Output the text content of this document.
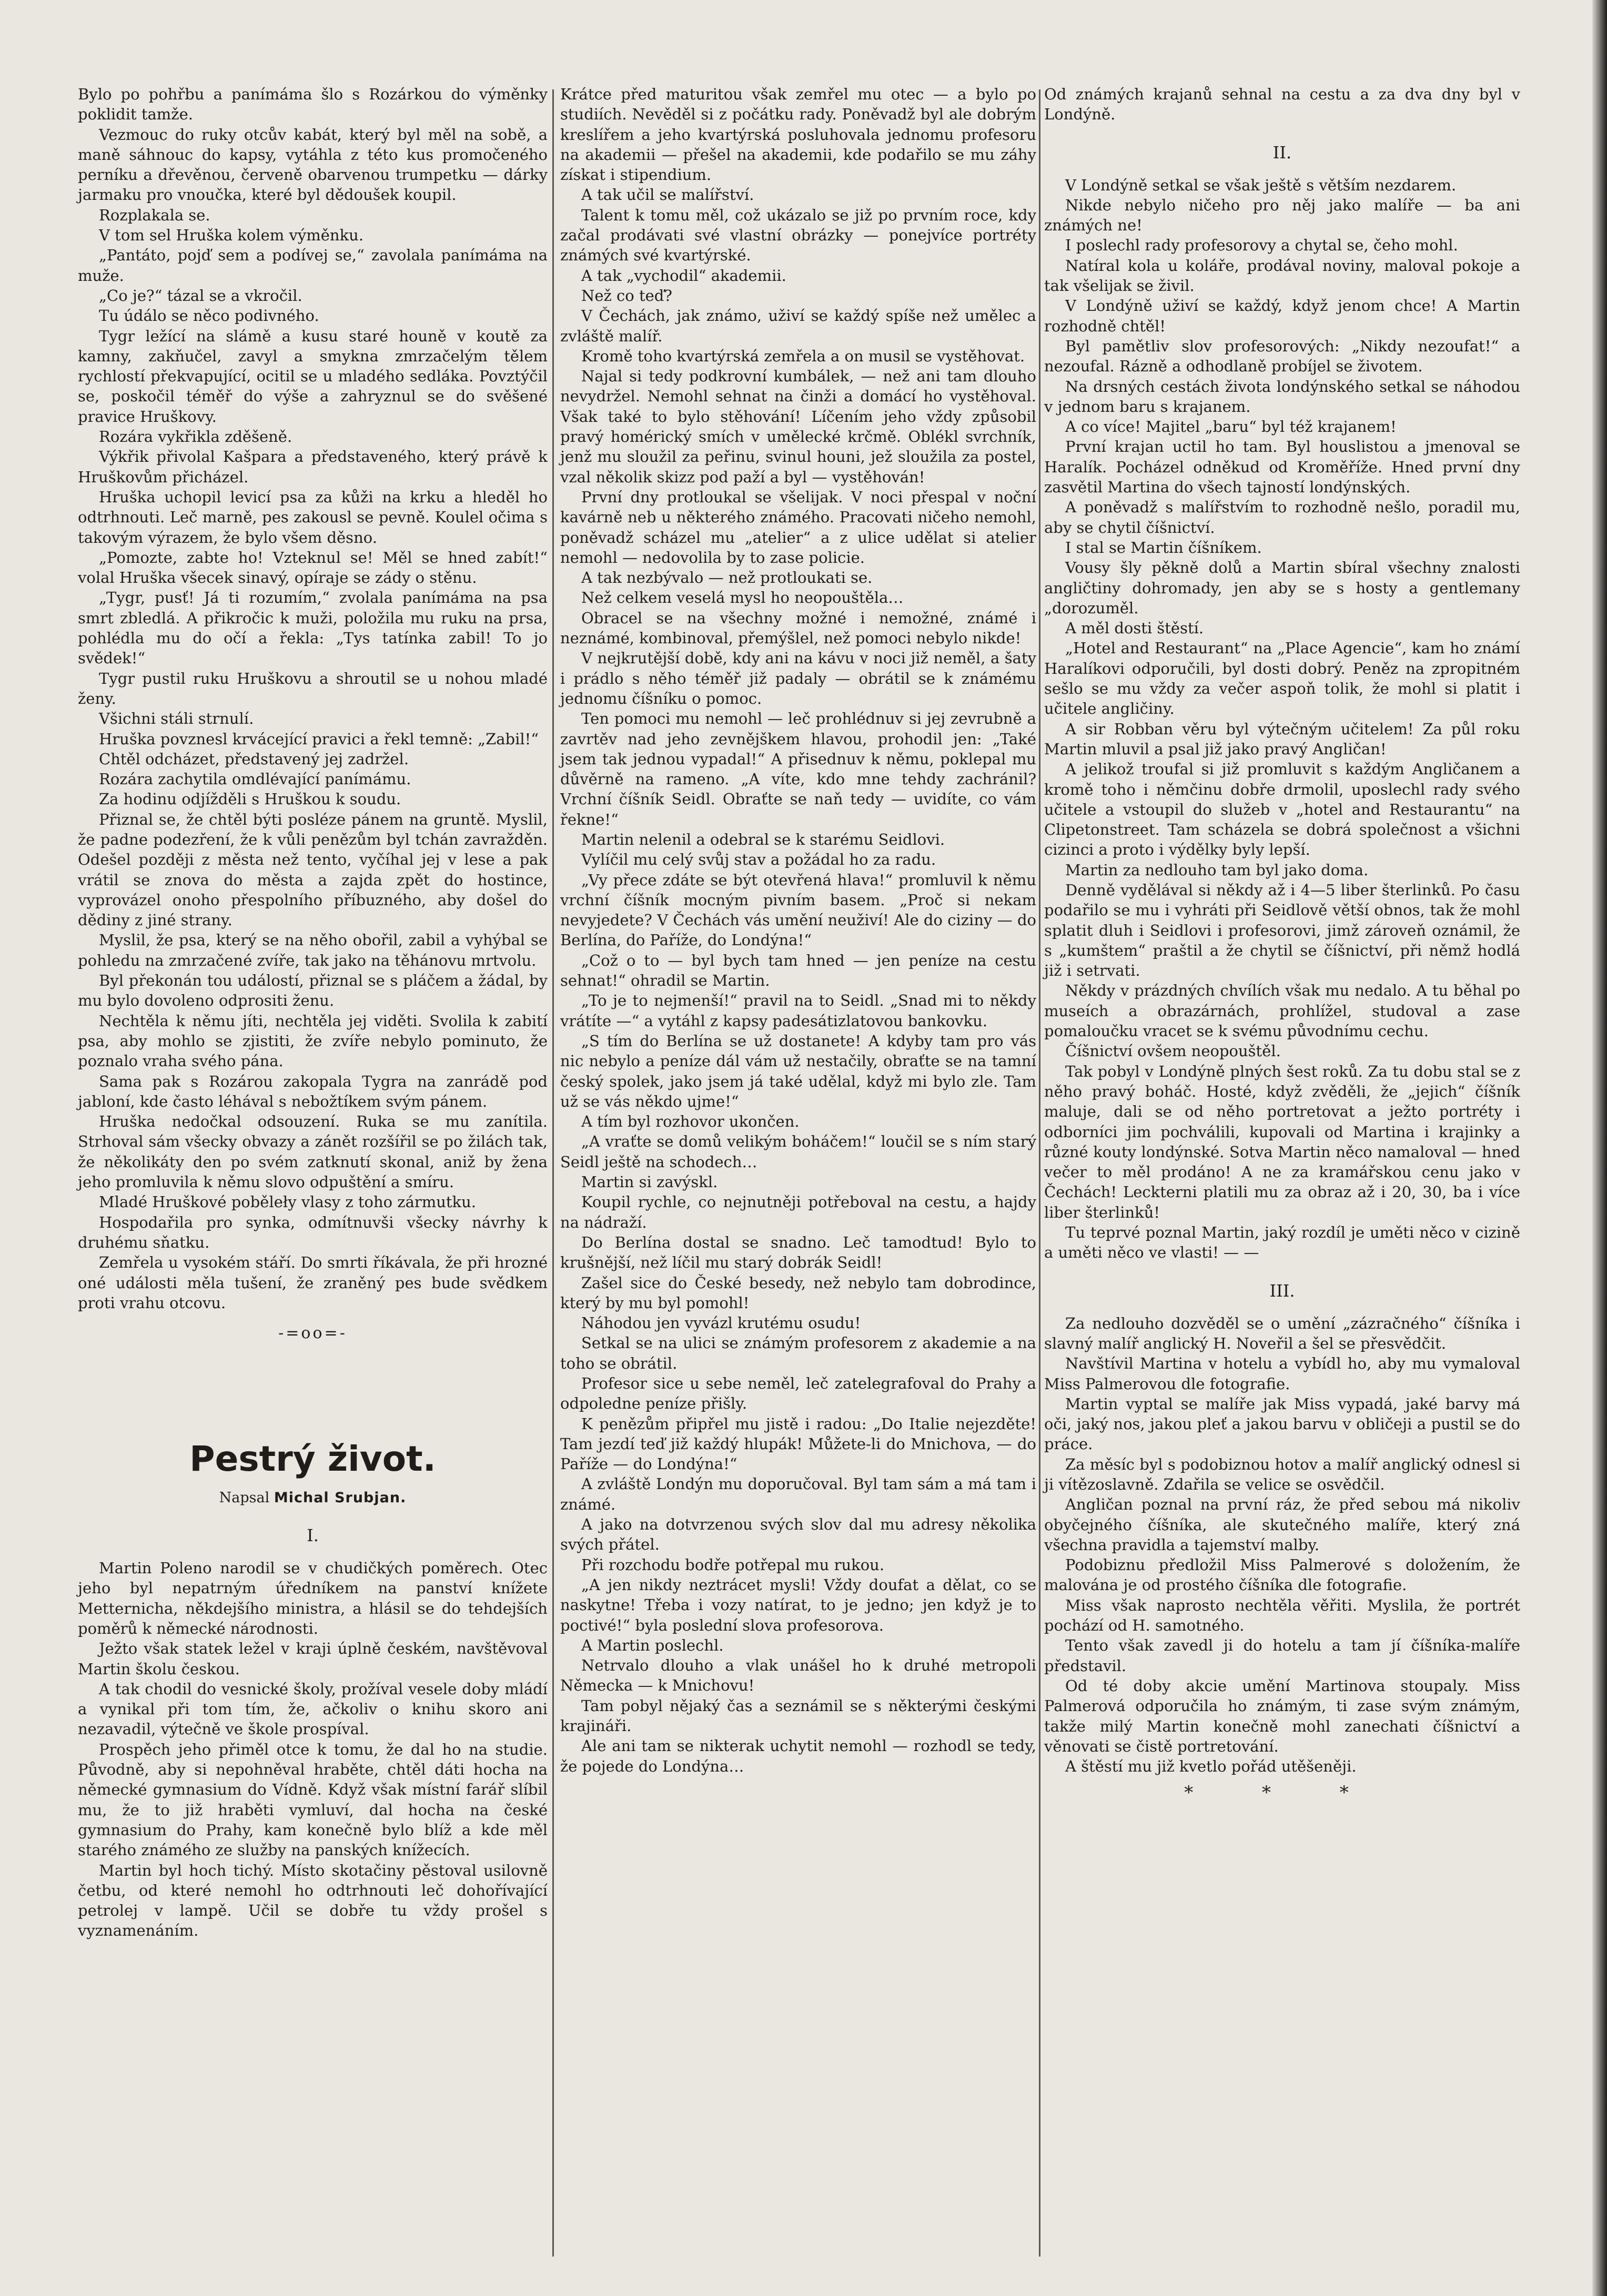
Bylo po pohřbu a panímáma šlo s Rozárkou do výměnky poklidit tamže.

Vezmouc do ruky otcův kabát, který byl měl na sobě, a maně sáhnouc do kapsy, vytáhla z této kus promočeného perníku a dřevěnou, červeně obarvenou trumpetku — dárky jarmaku pro vnoučka, které byl dědoušek koupil.

Rozplakala se.

V tom sel Hruška kolem výměnku.

„Pantáto, pojď sem a podívej se,“ zavolala panímáma na muže.

„Co je?“ tázal se a vkročil.

Tu údálo se něco podivného.

Tygr ležící na slámě a kusu staré houně v koutě za kamny, zakňučel, zavyl a smykna zmrzačelým tělem rychlostí překvapující, ocitil se u mladého sedláka. Povztýčil se, poskočil téměř do výše a zahryznul se do svěšené pravice Hruškovy.

Rozára vykřikla zděšeně.

Výkřik přivolal Kašpara a představeného, který právě k Hruškovům přicházel.

Hruška uchopil levicí psa za kůži na krku a hleděl ho odtrhnouti. Leč marně, pes zakousl se pevně. Koulel očima s takovým výrazem, že bylo všem děsno.

„Pomozte, zabte ho! Vzteknul se! Měl se hned zabít!“ volal Hruška všecek sinavý, opíraje se zády o stěnu.

„Tygr, pusť! Já ti rozumím,“ zvolala panímáma na psa smrt zbledlá. A přikročic k muži, položila mu ruku na prsa, pohlédla mu do očí a řekla: „Tys tatínka zabil! To jo svědek!“

Tygr pustil ruku Hruškovu a shroutil se u nohou mladé ženy.

Všichni stáli strnulí.

Hruška povznesl krvácející pravici a řekl temně: „Zabil!“

Chtěl odcházet, představený jej zadržel.

Rozára zachytila omdlévající panímámu.

Za hodinu odjížděli s Hruškou k soudu.

Přiznal se, že chtěl býti posléze pánem na gruntě. Myslil, že padne podezření, že k vůli penězům byl tchán zavražděn. Odešel později z města než tento, vyčíhal jej v lese a pak vrátil se znova do města a zajda zpět do hostince, vyprovázel onoho přespolního příbuzného, aby došel do dědiny z jiné strany.

Myslil, že psa, který se na něho obořil, zabil a vyhýbal se pohledu na zmrzačené zvíře, tak jako na těhánovu mrtvolu.

Byl překonán tou událostí, přiznal se s pláčem a žádal, by mu bylo dovoleno odprositi ženu.

Nechtěla k němu jíti, nechtěla jej viděti. Svolila k zabití psa, aby mohlo se zjistiti, že zvíře nebylo pominuto, že poznalo vraha svého pána.

Sama pak s Rozárou zakopala Tygra na zanrádě pod jabloní, kde často léhával s nebožtíkem svým pánem.

Hruška nedočkal odsouzení. Ruka se mu zanítila. Strhoval sám všecky obvazy a zánět rozšířil se po žilách tak, že několikáty den po svém zatknutí skonal, aniž by žena jeho promluvila k němu slovo odpuštění a smíru.

Mladé Hruškové poběleły vlasy z toho zármutku.

Hospodařila pro synka, odmítnuvši všecky návrhy k druhému sňatku.

Zemřela u vysokém stáří. Do smrti říkávala, že při hrozné oné události měla tušení, že zraněný pes bude svědkem proti vrahu otcovu.

-=oo=-
Pestrý život.
Napsal Michal Srubjan.
I.

Martin Poleno narodil se v chudičkých poměrech. Otec jeho byl nepatrným úředníkem na panství knížete Metternicha, někdejšího ministra, a hlásil se do tehdejších poměrů k německé národnosti.

Ježto však statek ležel v kraji úplně českém, navštěvoval Martin školu českou.

A tak chodil do vesnické školy, prožíval vesele doby mládí a vynikal při tom tím, že, ačkoliv o knihu skoro ani nezavadil, výtečně ve škole prospíval.

Prospěch jeho přiměl otce k tomu, že dal ho na studie. Původně, aby si nepohněval hraběte, chtěl dáti hocha na německé gymnasium do Vídně. Když však místní farář slíbil mu, že to již hraběti vymluví, dal hocha na české gymnasium do Prahy, kam konečně bylo blíž a kde měl starého známého ze služby na panských knížecích.

Martin byl hoch tichý. Místo skotačiny pěstoval usilovně četbu, od které nemohl ho odtrhnouti leč dohořívající petrolej v lampě. Učil se dobře tu vždy prošel s vyznamenáním.

Krátce před maturitou však zemřel mu otec — a bylo po studiích. Nevěděl si z počátku rady. Poněvadž byl ale dobrým kreslířem a jeho kvartýrská posluhovala jednomu profesoru na akademii — přešel na akademii, kde podařilo se mu záhy získat i stipendium.

A tak učil se malířství.

Talent k tomu měl, což ukázalo se již po prvním roce, kdy začal prodávati své vlastní obrázky — ponejvíce portréty známých své kvartýrské.

A tak „vychodil“ akademii.

Než co teď?

V Čechách, jak známo, uživí se každý spíše než umělec a zvláště malíř.

Kromě toho kvartýrská zemřela a on musil se vystěhovat.

Najal si tedy podkrovní kumbálek, — než ani tam dlouho nevydržel. Nemohl sehnat na činži a domácí ho vystěhoval. Však také to bylo stěhování! Líčením jeho vždy způsobil pravý homérický smích v umělecké krčmě. Oblékl svrchník, jenž mu sloužil za peřinu, svinul houni, jež sloužila za postel, vzal několik skizz pod paží a byl — vystěhován!

První dny protloukal se všelijak. V noci přespal v noční kavárně neb u některého známého. Pracovati ničeho nemohl, poněvadž scházel mu „atelier“ a z ulice udělat si atelier nemohl — nedovolila by to zase policie.

A tak nezbývalo — než protloukati se.

Než celkem veselá mysl ho neopouštěla…

Obracel se na všechny možné i nemožné, známé i neznámé, kombinoval, přemýšlel, než pomoci nebylo nikde!

V nejkrutější době, kdy ani na kávu v noci již neměl, a šaty i prádlo s něho téměř již padaly — obrátil se k známému jednomu číšníku o pomoc.

Ten pomoci mu nemohl — leč prohlédnuv si jej zevrubně a zavrtěv nad jeho zevnějškem hlavou, prohodil jen: „Také jsem tak jednou vypadal!“ A přisednuv k němu, poklepal mu důvěrně na rameno. „A víte, kdo mne tehdy zachránil? Vrchní číšník Seidl. Obraťte se naň tedy — uvidíte, co vám řekne!“

Martin nelenil a odebral se k starému Seidlovi.

Vylíčil mu celý svůj stav a požádal ho za radu.

„Vy přece zdáte se být otevřená hlava!“ promluvil k němu vrchní číšník mocným pivním basem. „Proč si nekam nevyjedete? V Čechách vás umění neuživí! Ale do ciziny — do Berlína, do Paříže, do Londýna!“

„Což o to — byl bych tam hned — jen peníze na cestu sehnat!“ ohradil se Martin.

„To je to nejmenší!“ pravil na to Seidl. „Snad mi to někdy vrátíte —“ a vytáhl z kapsy padesátizlatovou bankovku.

„S tím do Berlína se už dostanete! A kdyby tam pro vás nic nebylo a peníze dál vám už nestačily, obraťte se na tamní český spolek, jako jsem já také udělal, když mi bylo zle. Tam už se vás někdo ujme!“

A tím byl rozhovor ukončen.

„A vraťte se domů velikým boháčem!“ loučil se s ním starý Seidl ještě na schodech…

Martin si zavýskl.

Koupil rychle, co nejnutněji potřeboval na cestu, a hajdy na nádraží.

Do Berlína dostal se snadno. Leč tamodtud! Bylo to krušnější, než líčil mu starý dobrák Seidl!

Zašel sice do České besedy, než nebylo tam dobrodince, který by mu byl pomohl!

Náhodou jen vyvázl krutému osudu!

Setkal se na ulici se známým profesorem z akademie a na toho se obrátil.

Profesor sice u sebe neměl, leč zatelegrafoval do Prahy a odpoledne peníze přišly.

K penězům připřel mu jistě i radou: „Do Italie nejezděte! Tam jezdí teď již každý hlupák! Můžete-li do Mnichova, — do Paříže — do Londýna!“

A zvláště Londýn mu doporučoval. Byl tam sám a má tam i známé.

A jako na dotvrzenou svých slov dal mu adresy několika svých přátel.

Při rozchodu bodře potřepal mu rukou.

„A jen nikdy neztrácet mysli! Vždy doufat a dělat, co se naskytne! Třeba i vozy natírat, to je jedno; jen když je to poctivé!“ byla poslední slova profesorova.

A Martin poslechl.

Netrvalo dlouho a vlak unášel ho k druhé metropoli Německa — k Mnichovu!

Tam pobyl nějaký čas a seznámil se s některými českými krajináři.

Ale ani tam se nikterak uchytit nemohl — rozhodl se tedy, že pojede do Londýna…

Od známých krajanů sehnal na cestu a za dva dny byl v Londýně.

II.

V Londýně setkal se však ještě s větším nezdarem.

Nikde nebylo ničeho pro něj jako malíře — ba ani známých ne!

I poslechl rady profesorovy a chytal se, čeho mohl.

Natíral kola u koláře, prodával noviny, maloval pokoje a tak všelijak se živil.

V Londýně uživí se každý, když jenom chce! A Martin rozhodně chtěl!

Byl pamětliv slov profesorových: „Nikdy nezoufat!“ a nezoufal. Rázně a odhodlaně probíjel se životem.

Na drsných cestách života londýnského setkal se náhodou v jednom baru s krajanem.

A co více! Majitel „baru“ byl též krajanem!

První krajan uctil ho tam. Byl houslistou a jmenoval se Haralík. Pocházel odněkud od Kroměříže. Hned první dny zasvětil Martina do všech tajností londýnských.

A poněvadž s malířstvím to rozhodně nešlo, poradil mu, aby se chytil číšnictví.

I stal se Martin číšníkem.

Vousy šly pěkně dolů a Martin sbíral všechny znalosti angličtiny dohromady, jen aby se s hosty a gentlemany „dorozuměl.

A měl dosti štěstí.

„Hotel and Restaurant“ na „Place Agencie“, kam ho známí Haralíkovi odporučili, byl dosti dobrý. Peněz na zpropitném sešlo se mu vždy za večer aspoň tolik, že mohl si platit i učitele angličiny.

A sir Robban věru byl výtečným učitelem! Za půl roku Martin mluvil a psal již jako pravý Angličan!

A jelikož troufal si již promluvit s každým Angličanem a kromě toho i němčinu dobře drmolil, uposlechl rady svého učitele a vstoupil do služeb v „hotel and Restaurantu“ na Clipetonstreet. Tam scházela se dobrá společnost a všichni cizinci a proto i výdělky byly lepší.

Martin za nedlouho tam byl jako doma.

Denně vydělával si někdy až i 4—5 liber šterlinků. Po času podařilo se mu i vyhráti při Seidlově větší obnos, tak že mohl splatit dluh i Seidlovi i profesorovi, jimž zároveň oznámil, že s „kumštem“ praštil a že chytil se číšnictví, při němž hodlá již i setrvati.

Někdy v prázdných chvílích však mu nedalo. A tu běhal po museích a obrazárnách, prohlížel, studoval a zase pomaloučku vracet se k svému původnímu cechu.

Číšnictví ovšem neopouštěl.

Tak pobyl v Londýně plných šest roků. Za tu dobu stal se z něho pravý boháč. Hosté, když zvěděli, že „jejich“ číšník maluje, dali se od něho portretovat a ježto portréty i odborníci jim pochválili, kupovali od Martina i krajinky a různé kouty londýnské. Sotva Martin něco namaloval — hned večer to měl prodáno! A ne za kramářskou cenu jako v Čechách! Leckterni platili mu za obraz až i 20, 30, ba i více liber šterlinků!

Tu teprvé poznal Martin, jaký rozdíl je uměti něco v cizině a uměti něco ve vlasti! — —

III.

Za nedlouho dozvěděl se o umění „zázračného“ číšníka i slavný malíř anglický H. Noveřil a šel se přesvědčit.

Navštívil Martina v hotelu a vybídl ho, aby mu vymaloval Miss Palmerovou dle fotografie.

Martin vyptal se malíře jak Miss vypadá, jaké barvy má oči, jaký nos, jakou pleť a jakou barvu v obličeji a pustil se do práce.

Za měsíc byl s podobiznou hotov a malíř anglický odnesl si ji vítězoslavně. Zdařila se velice se osvědčil.

Angličan poznal na první ráz, že před sebou má nikoliv obyčejného číšníka, ale skutečného malíře, který zná všechna pravidla a tajemství malby.

Podobiznu předložil Miss Palmerové s doložením, že malována je od prostého číšníka dle fotografie.

Miss však naprosto nechtěla věřiti. Myslila, že portrét pochází od H. samotného.

Tento však zavedl ji do hotelu a tam jí číšníka-malíře představil.

Od té doby akcie umění Martinova stoupaly. Miss Palmerová odporučila ho známým, ti zase svým známým, takže milý Martin konečně mohl zanechati číšnictví a věnovati se čistě portretování.

A štěstí mu již kvetlo pořád utěšeněji.

* * *
